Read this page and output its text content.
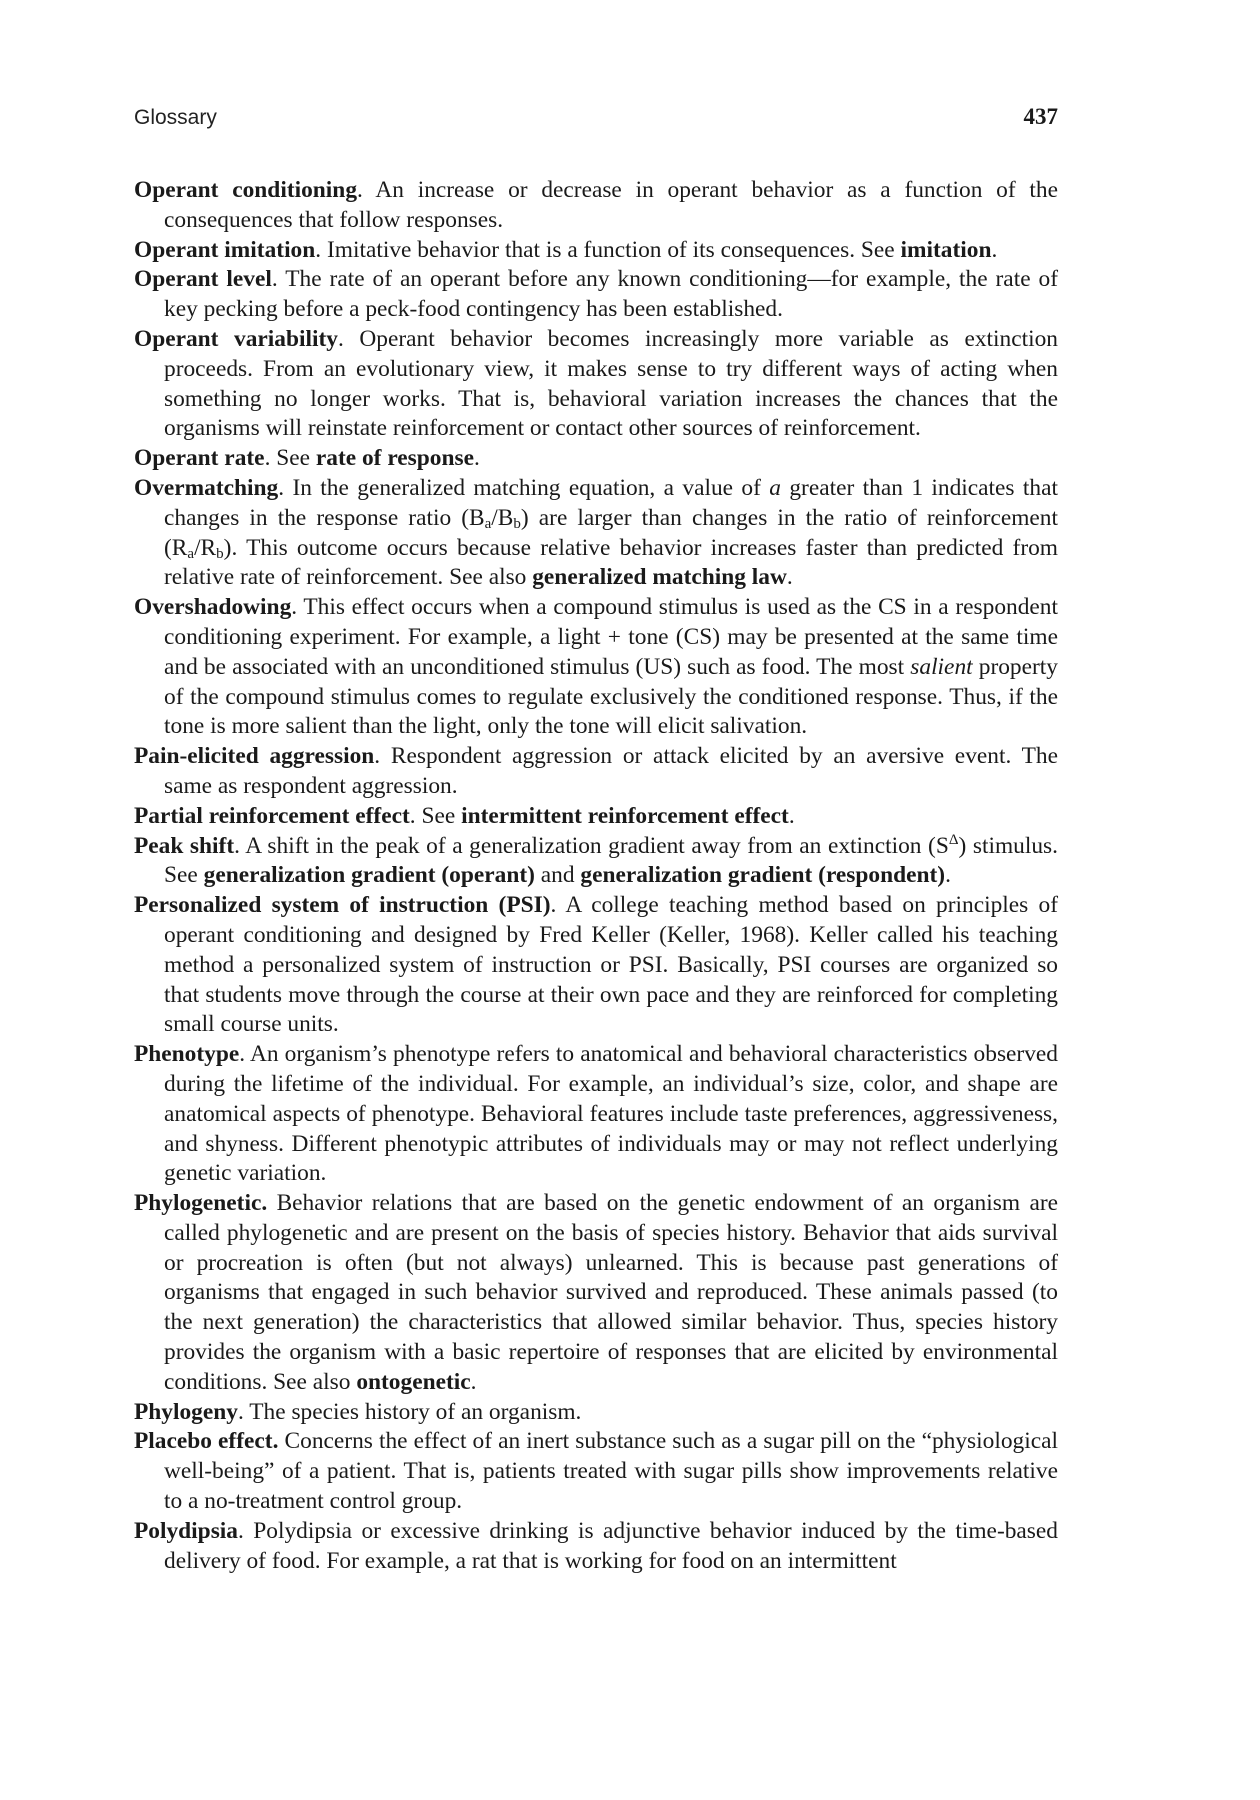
Glossary	437

Operant conditioning. An increase or decrease in operant behavior as a function of the consequences that follow responses.

Operant imitation. Imitative behavior that is a function of its consequences. See imitation.

Operant level. The rate of an operant before any known conditioning—for example, the rate of key pecking before a peck-food contingency has been established.

Operant variability. Operant behavior becomes increasingly more variable as extinction proceeds. From an evolutionary view, it makes sense to try different ways of acting when something no longer works. That is, behavioral variation increases the chances that the organisms will reinstate reinforcement or contact other sources of reinforcement.

Operant rate. See rate of response.

Overmatching. In the generalized matching equation, a value of a greater than 1 indicates that changes in the response ratio $(B_a/B_b)$ are larger than changes in the ratio of reinforcement $(R_a/R_b)$. This outcome occurs because relative behavior increases faster than predicted from relative rate of reinforcement. See also generalized matching law.

Overshadowing. This effect occurs when a compound stimulus is used as the CS in a respondent conditioning experiment. For example, a light + tone (CS) may be presented at the same time and be associated with an unconditioned stimulus (US) such as food. The most salient property of the compound stimulus comes to regulate exclusively the conditioned response. Thus, if the tone is more salient than the light, only the tone will elicit salivation.

Pain-elicited aggression. Respondent aggression or attack elicited by an aversive event. The same as respondent aggression.

Partial reinforcement effect. See intermittent reinforcement effect.

Peak shift. A shift in the peak of a generalization gradient away from an extinction $(S^\Delta)$ stimulus. See generalization gradient (operant) and generalization gradient (respondent).

Personalized system of instruction (PSI). A college teaching method based on principles of operant conditioning and designed by Fred Keller (Keller, 1968). Keller called his teaching method a personalized system of instruction or PSI. Basically, PSI courses are organized so that students move through the course at their own pace and they are reinforced for completing small course units.

Phenotype. An organism’s phenotype refers to anatomical and behavioral characteristics observed during the lifetime of the individual. For example, an individual’s size, color, and shape are anatomical aspects of phenotype. Behavioral features include taste preferences, aggressiveness, and shyness. Different phenotypic attributes of individuals may or may not reflect underlying genetic variation.

Phylogenetic. Behavior relations that are based on the genetic endowment of an organism are called phylogenetic and are present on the basis of species history. Behavior that aids survival or procreation is often (but not always) unlearned. This is because past generations of organisms that engaged in such behavior survived and reproduced. These animals passed (to the next generation) the characteristics that allowed similar behavior. Thus, species history provides the organism with a basic repertoire of responses that are elicited by environmental conditions. See also ontogenetic.

Phylogeny. The species history of an organism.

Placebo effect. Concerns the effect of an inert substance such as a sugar pill on the “physiological well-being” of a patient. That is, patients treated with sugar pills show improvements relative to a no-treatment control group.

Polydipsia. Polydipsia or excessive drinking is adjunctive behavior induced by the time-based delivery of food. For example, a rat that is working for food on an intermittent
